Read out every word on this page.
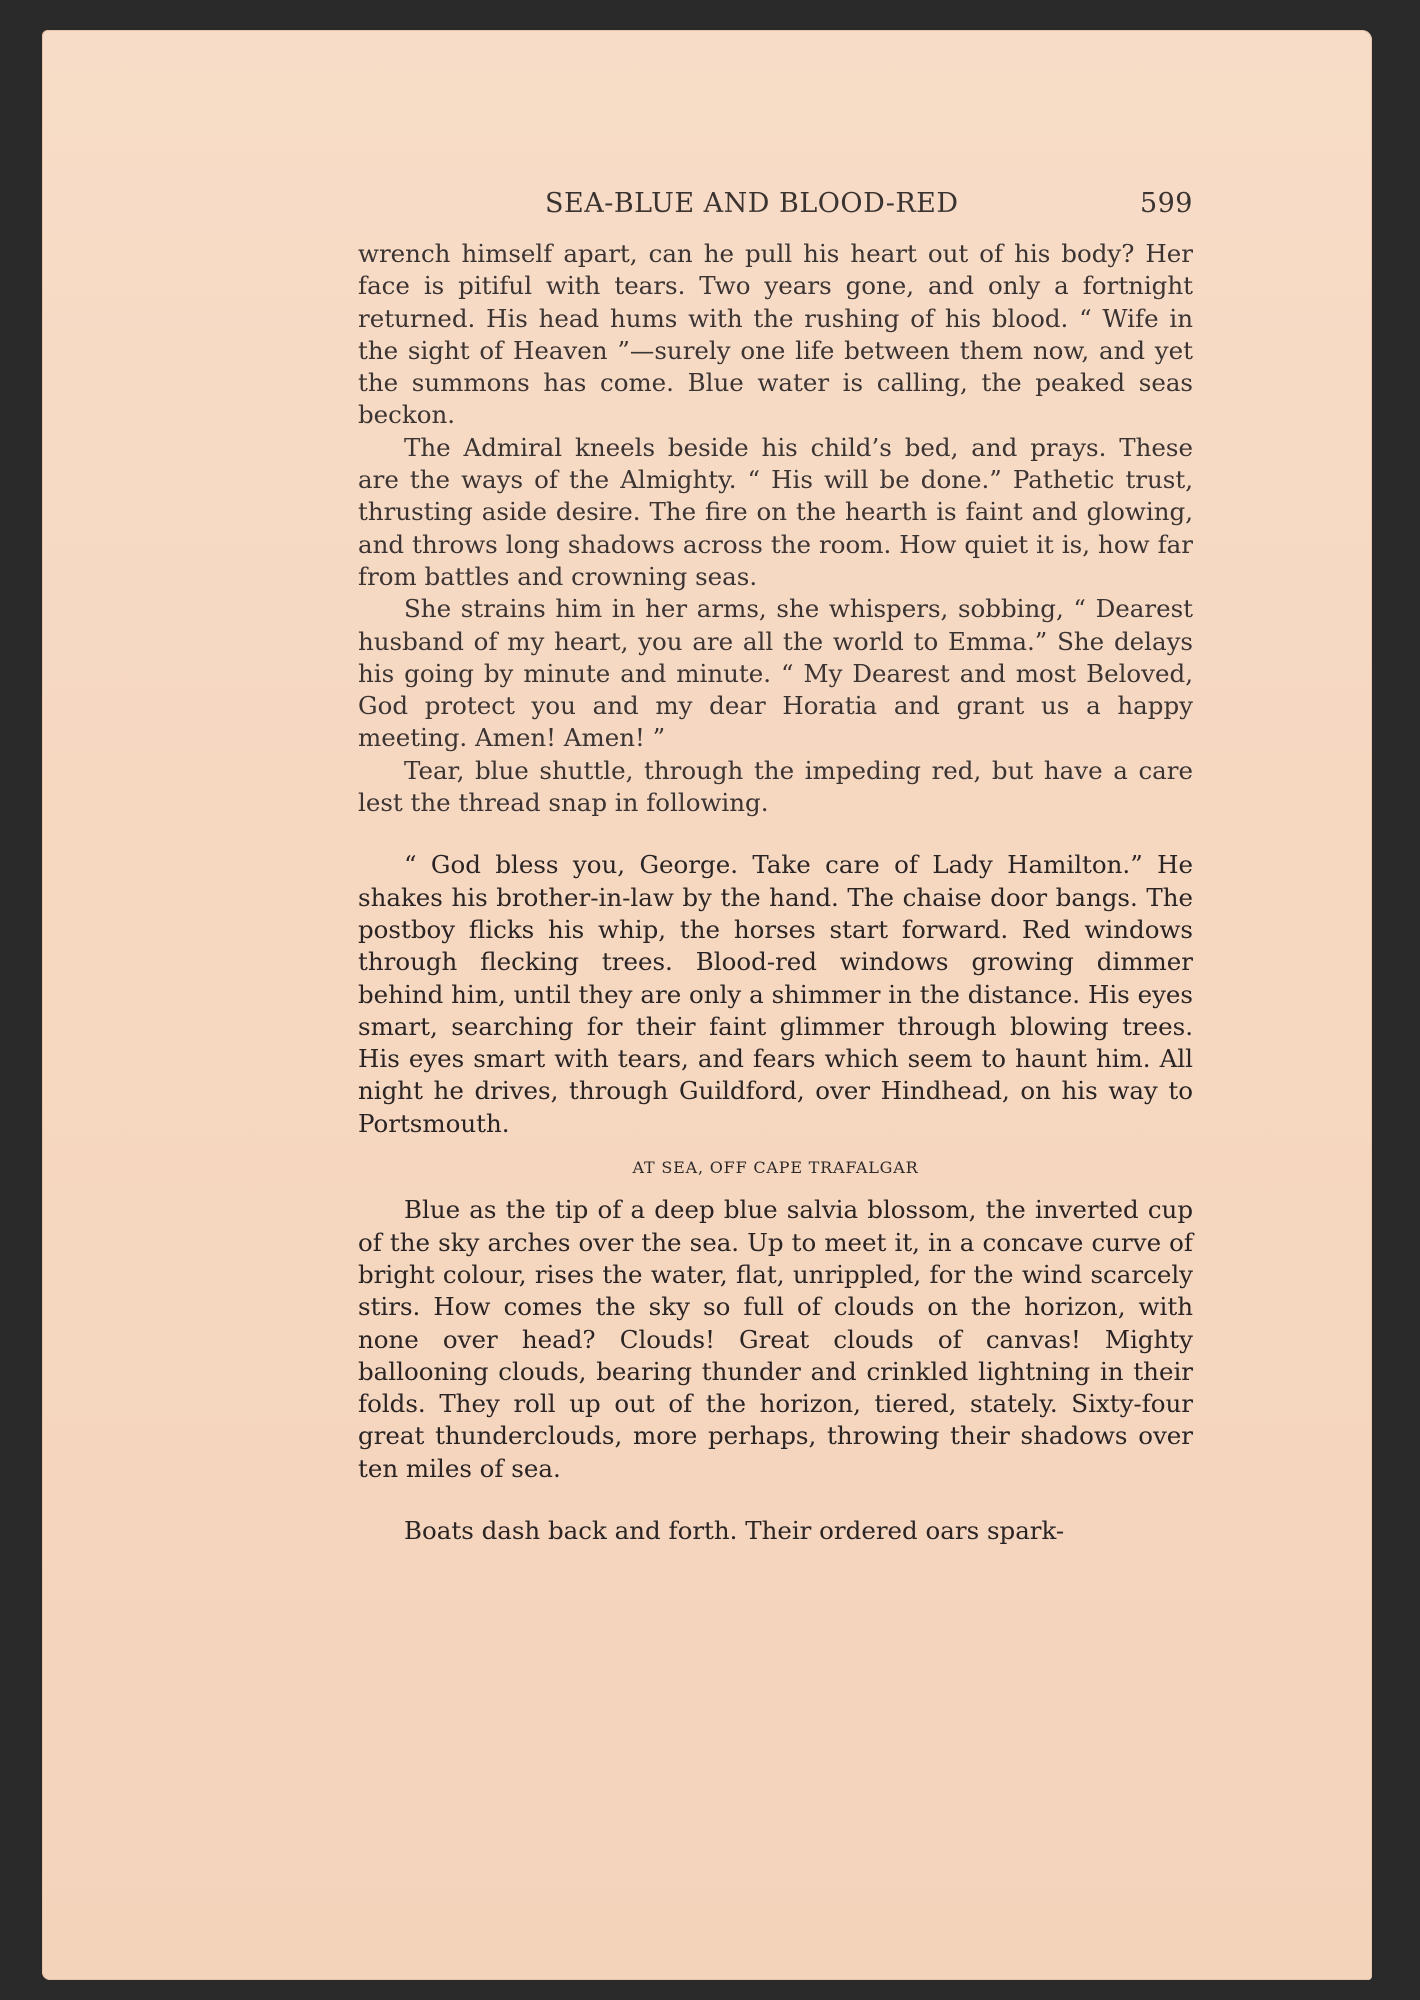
SEA-BLUE AND BLOOD-RED	599

wrench himself apart, can he pull his heart out of his body? Her face is pitiful with tears. Two years gone, and only a fortnight returned. His head hums with the rushing of his blood. “ Wife in the sight of Heaven ”—surely one life between them now, and yet the summons has come. Blue water is calling, the peaked seas beckon.

The Admiral kneels beside his child’s bed, and prays. These are the ways of the Almighty. “ His will be done.” Pathetic trust, thrusting aside desire. The fire on the hearth is faint and glowing, and throws long shadows across the room. How quiet it is, how far from battles and crowning seas.

She strains him in her arms, she whispers, sobbing, “ Dearest husband of my heart, you are all the world to Emma.” She delays his going by minute and minute. “ My Dearest and most Beloved, God protect you and my dear Horatia and grant us a happy meeting. Amen! Amen! ”

Tear, blue shuttle, through the impeding red, but have a care lest the thread snap in following.

“ God bless you, George. Take care of Lady Hamilton.” He shakes his brother-in-law by the hand. The chaise door bangs. The postboy flicks his whip, the horses start forward. Red windows through flecking trees. Blood-red windows growing dimmer behind him, until they are only a shimmer in the distance. His eyes smart, searching for their faint glimmer through blowing trees. His eyes smart with tears, and fears which seem to haunt him. All night he drives, through Guildford, over Hindhead, on his way to Portsmouth.

AT SEA, OFF CAPE TRAFALGAR

Blue as the tip of a deep blue salvia blossom, the inverted cup of the sky arches over the sea. Up to meet it, in a concave curve of bright colour, rises the water, flat, unrippled, for the wind scarcely stirs. How comes the sky so full of clouds on the horizon, with none over head? Clouds! Great clouds of canvas! Mighty ballooning clouds, bearing thunder and crinkled lightning in their folds. They roll up out of the horizon, tiered, stately. Sixty-four great thunderclouds, more perhaps, throwing their shadows over ten miles of sea.

Boats dash back and forth. Their ordered oars spark-
